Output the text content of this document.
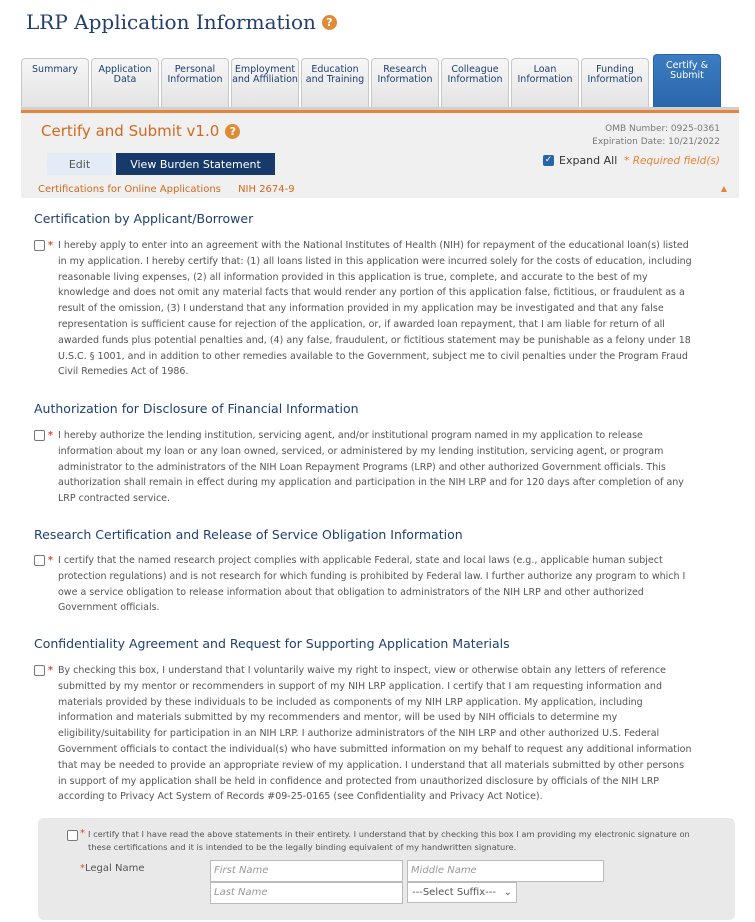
LRP Application Information ?
Summary	Application Data
Personal Information
Employment and Affiliation
Education and Training
Research Information
Colleague Information
Loan Information
Funding Information
Certify & Submit
Certify and Submit v1.0 ?	OMB Number: 0925-0361
Expiration Date: 10/21/2022
Edit	View Burden Statement	✓ Expand All * Required field(s)
Certifications for Online Applications NIH 2674-9	▲
Certification by Applicant/Borrower
* I hereby apply to enter into an agreement with the National Institutes of Health (NIH) for repayment of the educational loan(s) listed in my application. I hereby certify that: (1) all loans listed in this application were incurred solely for the costs of education, including reasonable living expenses, (2) all information provided in this application is true, complete, and accurate to the best of my knowledge and does not omit any material facts that would render any portion of this application false, fictitious, or fraudulent as a result of the omission, (3) I understand that any information provided in my application may be investigated and that any false representation is sufficient cause for rejection of the application, or, if awarded loan repayment, that I am liable for return of all awarded funds plus potential penalties and, (4) any false, fraudulent, or fictitious statement may be punishable as a felony under 18 U.S.C. § 1001, and in addition to other remedies available to the Government, subject me to civil penalties under the Program Fraud Civil Remedies Act of 1986.
Authorization for Disclosure of Financial Information
* I hereby authorize the lending institution, servicing agent, and/or institutional program named in my application to release information about my loan or any loan owned, serviced, or administered by my lending institution, servicing agent, or program administrator to the administrators of the NIH Loan Repayment Programs (LRP) and other authorized Government officials. This authorization shall remain in effect during my application and participation in the NIH LRP and for 120 days after completion of any LRP contracted service.
Research Certification and Release of Service Obligation Information
* I certify that the named research project complies with applicable Federal, state and local laws (e.g., applicable human subject protection regulations) and is not research for which funding is prohibited by Federal law. I further authorize any program to which I owe a service obligation to release information about that obligation to administrators of the NIH LRP and other authorized Government officials.
Confidentiality Agreement and Request for Supporting Application Materials
* By checking this box, I understand that I voluntarily waive my right to inspect, view or otherwise obtain any letters of reference submitted by my mentor or recommenders in support of my NIH LRP application. I certify that I am requesting information and materials provided by these individuals to be included as components of my NIH LRP application. My application, including information and materials submitted by my recommenders and mentor, will be used by NIH officials to determine my eligibility/suitability for participation in an NIH LRP. I authorize administrators of the NIH LRP and other authorized U.S. Federal Government officials to contact the individual(s) who have submitted information on my behalf to request any additional information that may be needed to provide an appropriate review of my application. I understand that all materials submitted by other persons in support of my application shall be held in confidence and protected from unauthorized disclosure by officials of the NIH LRP according to Privacy Act System of Records #09-25-0165 (see Confidentiality and Privacy Act Notice).
* I certify that I have read the above statements in their entirety. I understand that by checking this box I am providing my electronic signature on these certifications and it is intended to be the legally binding equivalent of my handwritten signature.
*Legal Name	First Name	Middle Name
Last Name	---Select Suffix--- ⌄
